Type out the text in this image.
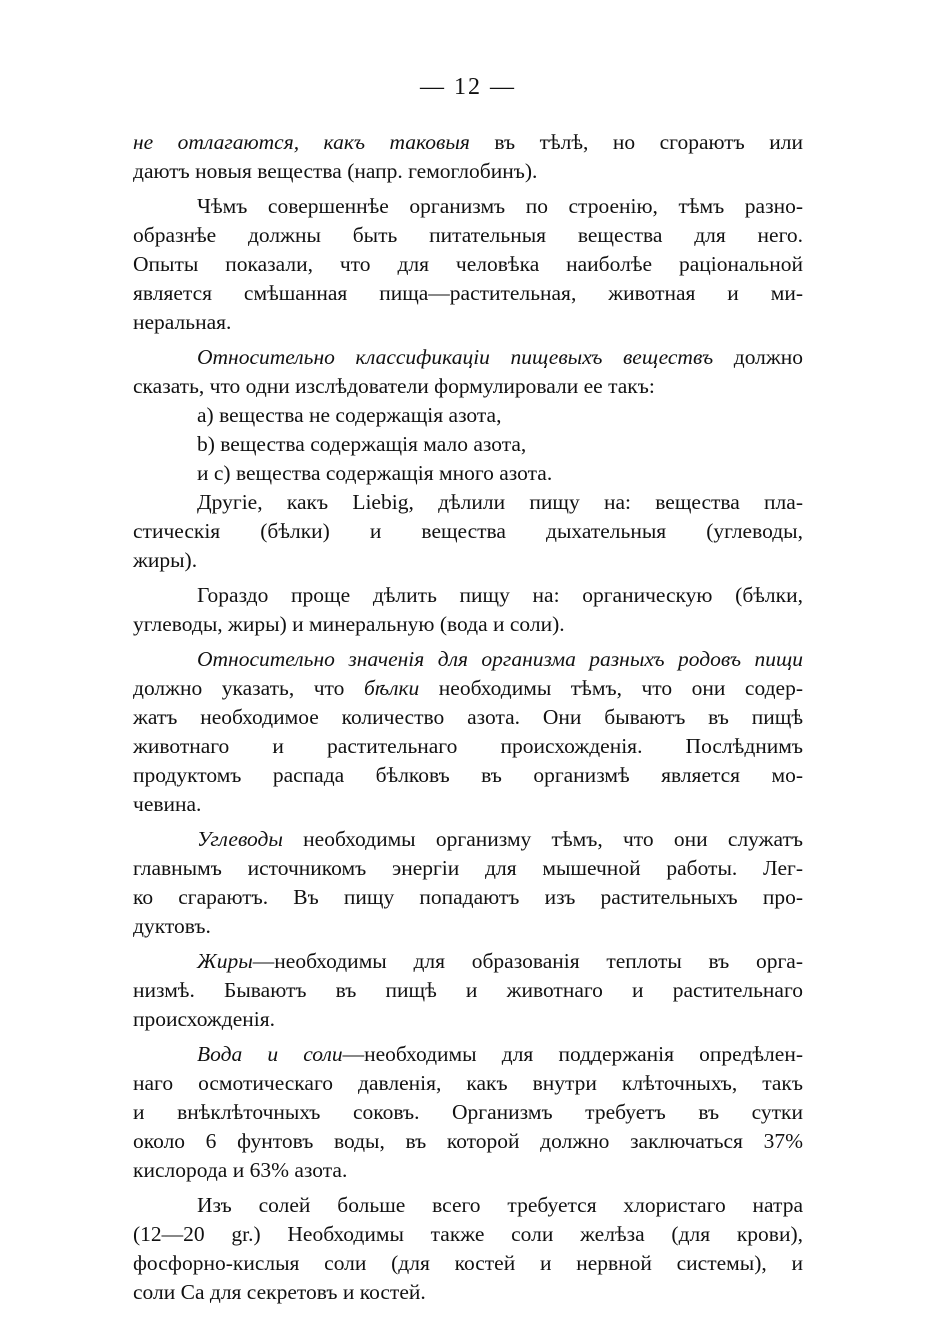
— 12 —
не отлагаются, какъ таковыя въ тѣлѣ, но сгораютъ или
даютъ новыя вещества (напр. гемоглобинъ).
Чѣмъ совершеннѣе организмъ по строенію, тѣмъ разно-
образнѣе должны быть питательныя вещества для него.
Опыты показали, что для человѣка наиболѣе раціональной
является смѣшанная пища—растительная, животная и ми-
неральная.
Относительно классификаціи пищевыхъ веществъ должно
сказать, что одни изслѣдователи формулировали ее такъ:
a) вещества не содержащія азота,
b) вещества содержащія мало азота,
и c) вещества содержащія много азота.
Другіе, какъ Liebig, дѣлили пищу на: вещества пла-
стическія (бѣлки) и вещества дыхательныя (углеводы,
жиры).
Гораздо проще дѣлить пищу на: органическую (бѣлки,
углеводы, жиры) и минеральную (вода и соли).
Относительно значенія для организма разныхъ родовъ пищи
должно указать, что бѣлки необходимы тѣмъ, что они содер-
жатъ необходимое количество азота. Они бываютъ въ пищѣ
животнаго и растительнаго происхожденія. Послѣднимъ
продуктомъ распада бѣлковъ въ организмѣ является мо-
чевина.
Углеводы необходимы организму тѣмъ, что они служатъ
главнымъ источникомъ энергіи для мышечной работы. Лег-
ко сгараютъ. Въ пищу попадаютъ изъ растительныхъ про-
дуктовъ.
Жиры—необходимы для образованія теплоты въ орга-
низмѣ. Бываютъ въ пищѣ и животнаго и растительнаго
происхожденія.
Вода и соли—необходимы для поддержанія опредѣлен-
наго осмотическаго давленія, какъ внутри клѣточныхъ, такъ
и внѣклѣточныхъ соковъ. Организмъ требуетъ въ сутки
около 6 фунтовъ воды, въ которой должно заключаться 37%
кислорода и 63% азота.
Изъ солей больше всего требуется хлористаго натра
(12—20 gr.) Необходимы также соли желѣза (для крови),
фосфорно-кислыя соли (для костей и нервной системы), и
соли Ca для секретовъ и костей.
